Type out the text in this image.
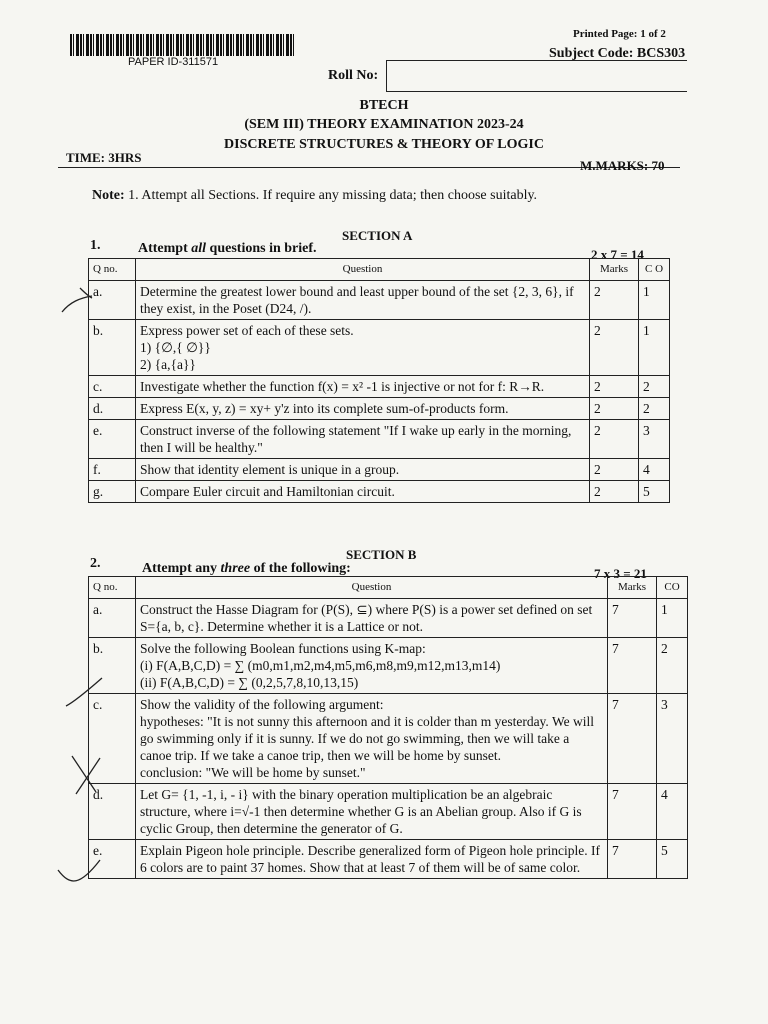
PAPER ID-311571
Printed Page: 1 of 2
Subject Code: BCS303
Roll No:
BTECH
(SEM III) THEORY EXAMINATION 2023-24
DISCRETE STRUCTURES & THEORY OF LOGIC
TIME: 3HRS
M.MARKS: 70
Note: 1. Attempt all Sections. If require any missing data; then choose suitably.
SECTION A
1.	Attempt all questions in brief.	2 x 7 = 14
Q no.	Question	Marks	C O
a.	Determine the greatest lower bound and least upper bound of the set {2, 3, 6}, if they exist, in the Poset (D24, /).	2	1
b.	Express power set of each of these sets.
1) {∅,{ ∅}}
2) {a,{a}}	2	1
c.	Investigate whether the function f(x) = x² -1 is injective or not for f: R→R.	2	2
d.	Express E(x, y, z) = xy+ y'z into its complete sum-of-products form.	2	2
e.	Construct inverse of the following statement "If I wake up early in the morning, then I will be healthy."	2	3
f.	Show that identity element is unique in a group.	2	4
g.	Compare Euler circuit and Hamiltonian circuit.	2	5
SECTION B
2.	Attempt any three of the following:	7 x 3 = 21
Q no.	Question	Marks	CO
a.	Construct the Hasse Diagram for (P(S), ⊆) where P(S) is a power set defined on set S={a, b, c}. Determine whether it is a Lattice or not.	7	1
b.	Solve the following Boolean functions using K-map:
(i) F(A,B,C,D) = ∑ (m0,m1,m2,m4,m5,m6,m8,m9,m12,m13,m14)
(ii) F(A,B,C,D) = ∑ (0,2,5,7,8,10,13,15)	7	2
c.	Show the validity of the following argument:
hypotheses: "It is not sunny this afternoon and it is colder than m yesterday. We will go swimming only if it is sunny. If we do not go swimming, then we will take a canoe trip. If we take a canoe trip, then we will be home by sunset.
conclusion: "We will be home by sunset."	7	3
d.	Let G= {1, -1, i, - i} with the binary operation multiplication be an algebraic structure, where i=√-1 then determine whether G is an Abelian group. Also if G is cyclic Group, then determine the generator of G.	7	4
e.	Explain Pigeon hole principle. Describe generalized form of Pigeon hole principle. If 6 colors are to paint 37 homes. Show that at least 7 of them will be of same color.	7	5
